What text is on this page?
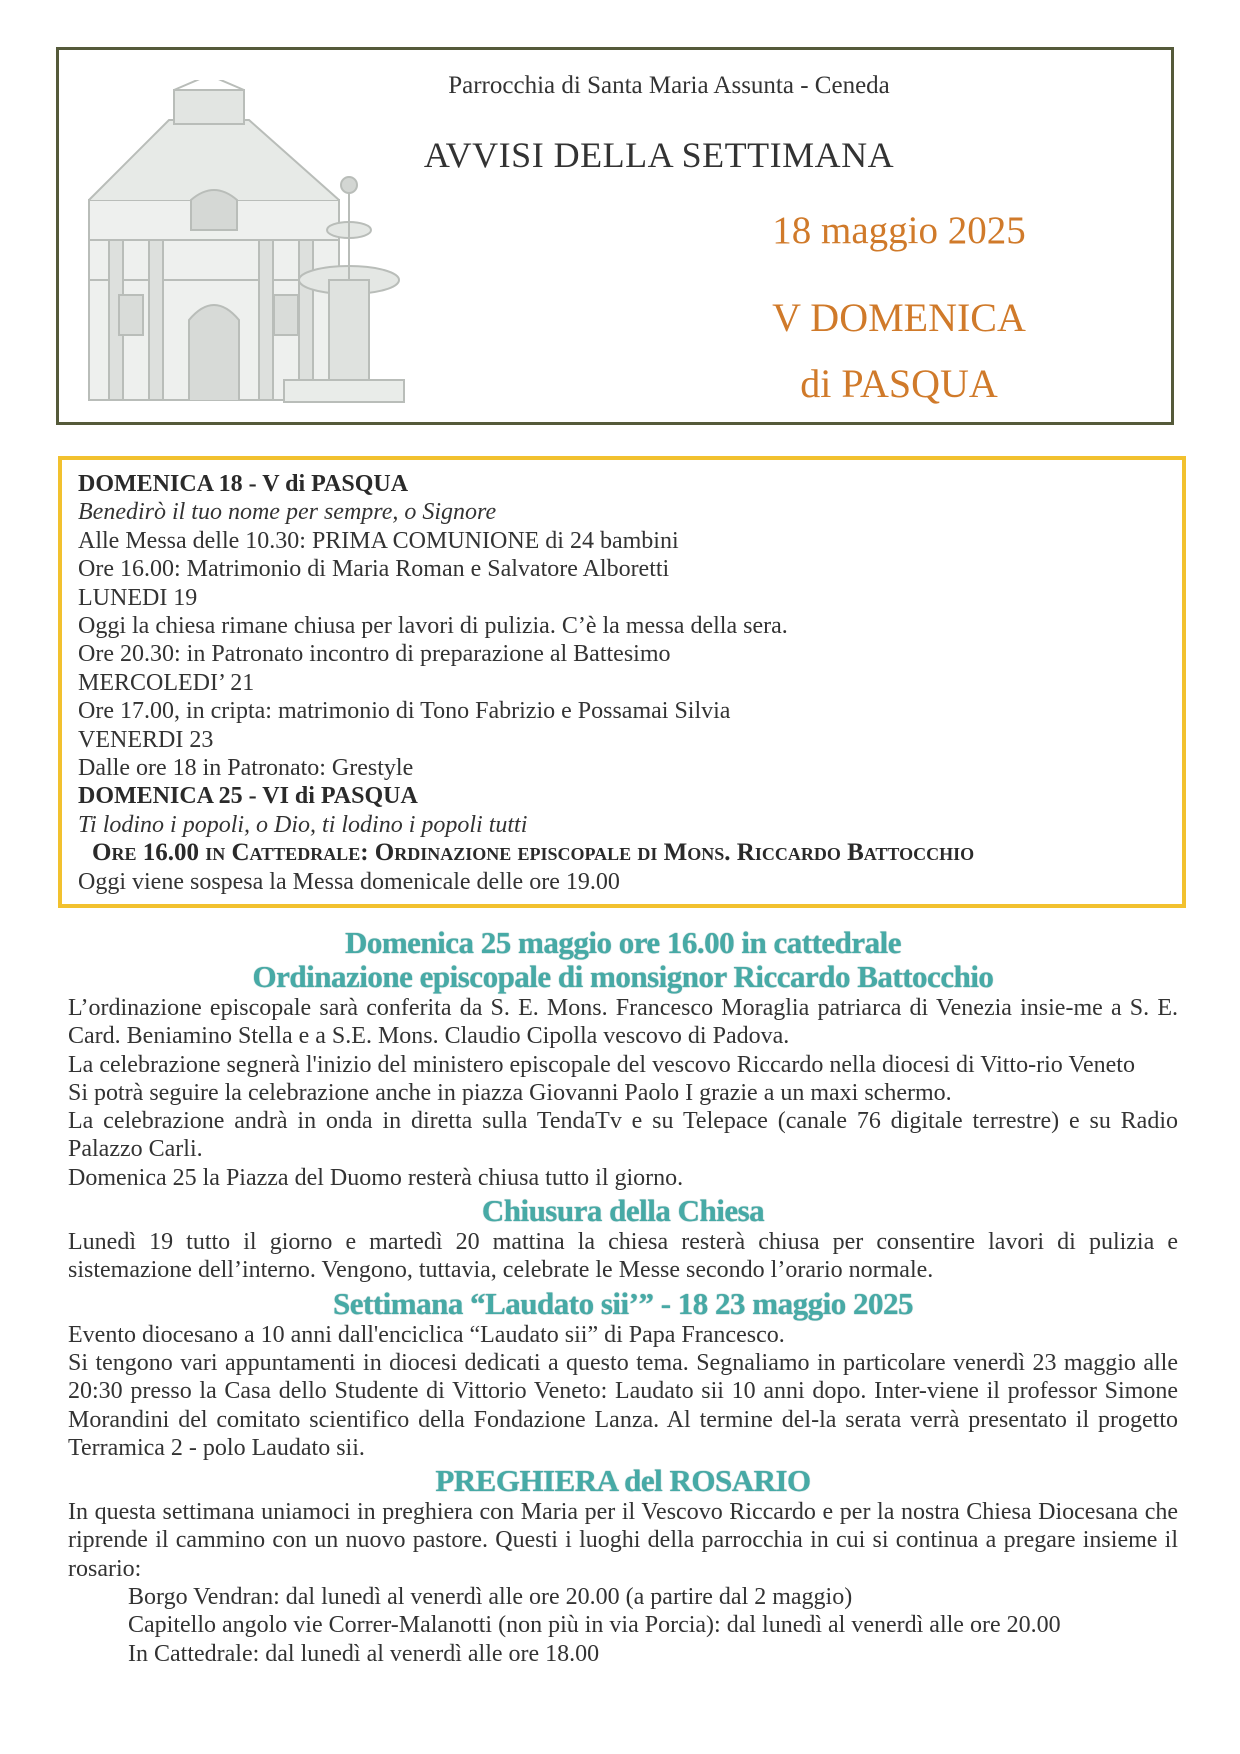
Parrocchia di Santa Maria Assunta - Ceneda
AVVISI DELLA SETTIMANA
18 maggio 2025
V DOMENICA
di PASQUA
DOMENICA 18 - V di PASQUA
Benedirò il tuo nome per sempre, o Signore
Alle Messa delle 10.30: PRIMA COMUNIONE di 24 bambini
Ore 16.00: Matrimonio di Maria Roman e Salvatore Alboretti
LUNEDI 19
Oggi la chiesa rimane chiusa per lavori di pulizia. C’è la messa della sera.
Ore 20.30: in Patronato incontro di preparazione al Battesimo
MERCOLEDI’ 21
Ore 17.00, in cripta: matrimonio di Tono Fabrizio e Possamai Silvia
VENERDI 23
Dalle ore 18 in Patronato: Grestyle
DOMENICA 25 - VI di PASQUA
Ti lodino i popoli, o Dio, ti lodino i popoli tutti
Ore 16.00 in Cattedrale: Ordinazione episcopale di Mons. Riccardo Battocchio
Oggi viene sospesa la Messa domenicale delle ore 19.00
Domenica 25 maggio ore 16.00 in cattedrale
Ordinazione episcopale di monsignor Riccardo Battocchio
L’ordinazione episcopale sarà conferita da S. E. Mons. Francesco Moraglia patriarca di Venezia insie-me a S. E. Card. Beniamino Stella e a S.E. Mons. Claudio Cipolla vescovo di Padova.
La celebrazione segnerà l'inizio del ministero episcopale del vescovo Riccardo nella diocesi di Vitto-rio Veneto
Si potrà seguire la celebrazione anche in piazza Giovanni Paolo I grazie a un maxi schermo.
La celebrazione andrà in onda in diretta sulla TendaTv e su Telepace (canale 76 digitale terrestre) e su Radio Palazzo Carli.
Domenica 25 la Piazza del Duomo resterà chiusa tutto il giorno.
Chiusura della Chiesa
Lunedì 19 tutto il giorno e martedì 20 mattina la chiesa resterà chiusa per consentire lavori di pulizia e sistemazione dell’interno. Vengono, tuttavia, celebrate le Messe secondo l’orario normale.
Settimana “Laudato sii’” - 18 23 maggio 2025
Evento diocesano a 10 anni dall'enciclica “Laudato sii” di Papa Francesco.
Si tengono vari appuntamenti in diocesi dedicati a questo tema. Segnaliamo in particolare venerdì 23 maggio alle 20:30 presso la Casa dello Studente di Vittorio Veneto: Laudato sii 10 anni dopo. Inter-viene il professor Simone Morandini del comitato scientifico della Fondazione Lanza. Al termine del-la serata verrà presentato il progetto Terramica 2 - polo Laudato sii.
PREGHIERA del ROSARIO
In questa settimana uniamoci in preghiera con Maria per il Vescovo Riccardo e per la nostra Chiesa Diocesana che riprende il cammino con un nuovo pastore. Questi i luoghi della parrocchia in cui si continua a pregare insieme il rosario:
Borgo Vendran: dal lunedì al venerdì alle ore 20.00 (a partire dal 2 maggio)
Capitello angolo vie Correr-Malanotti (non più in via Porcia): dal lunedì al venerdì alle ore 20.00
In Cattedrale: dal lunedì al venerdì alle ore 18.00
